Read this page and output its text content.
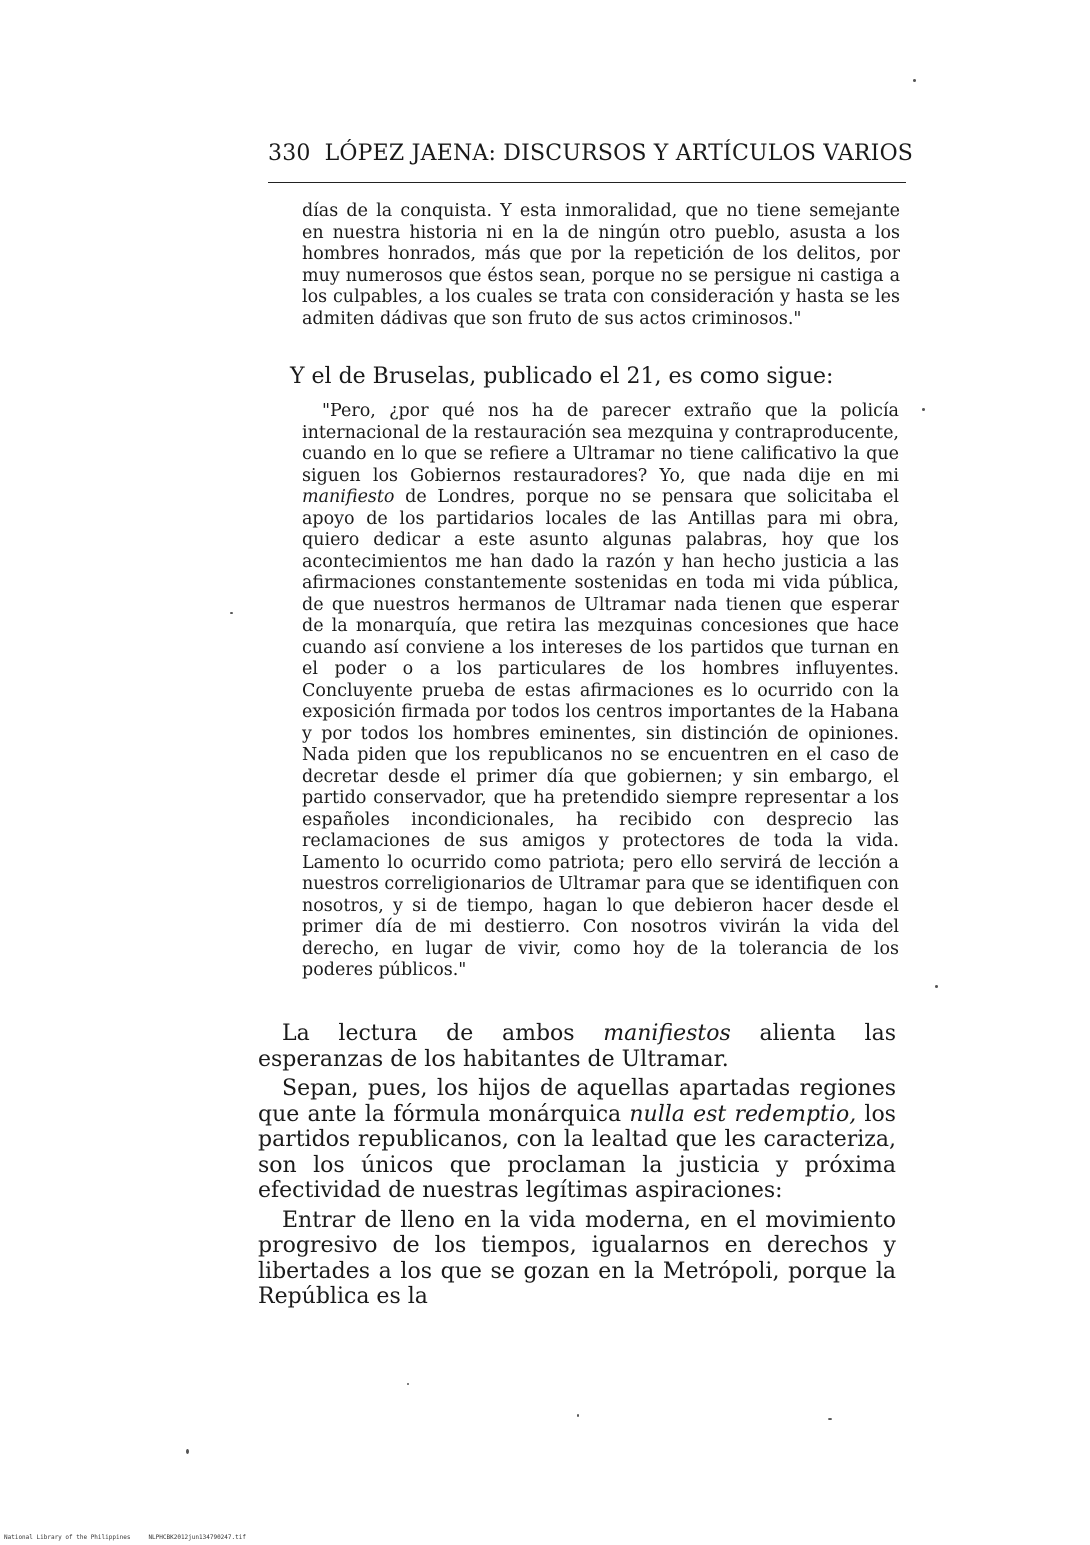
330 LÓPEZ JAENA: DISCURSOS Y ARTÍCULOS VARIOS

días de la conquista. Y esta inmoralidad, que no tiene semejante en nuestra historia ni en la de ningún otro pueblo, asusta a los hombres honrados, más que por la repetición de los delitos, por muy numerosos que éstos sean, porque no se persigue ni castiga a los culpables, a los cuales se trata con consideración y hasta se les admiten dádivas que son fruto de sus actos criminosos."

Y el de Bruselas, publicado el 21, es como sigue:

"Pero, ¿por qué nos ha de parecer extraño que la policía internacional de la restauración sea mezquina y contraproducente, cuando en lo que se refiere a Ultramar no tiene calificativo la que siguen los Gobiernos restauradores? Yo, que nada dije en mi manifiesto de Londres, porque no se pensara que solicitaba el apoyo de los partidarios locales de las Antillas para mi obra, quiero dedicar a este asunto algunas palabras, hoy que los acontecimientos me han dado la razón y han hecho justicia a las afirmaciones constantemente sostenidas en toda mi vida pública, de que nuestros hermanos de Ultramar nada tienen que esperar de la monarquía, que retira las mezquinas concesiones que hace cuando así conviene a los intereses de los partidos que turnan en el poder o a los particulares de los hombres influyentes. Concluyente prueba de estas afirmaciones es lo ocurrido con la exposición firmada por todos los centros importantes de la Habana y por todos los hombres eminentes, sin distinción de opiniones. Nada piden que los republicanos no se encuentren en el caso de decretar desde el primer día que gobiernen; y sin embargo, el partido conservador, que ha pretendido siempre representar a los españoles incondicionales, ha recibido con desprecio las reclamaciones de sus amigos y protectores de toda la vida. Lamento lo ocurrido como patriota; pero ello servirá de lección a nuestros correligionarios de Ultramar para que se identifiquen con nosotros, y si de tiempo, hagan lo que debieron hacer desde el primer día de mi destierro. Con nosotros vivirán la vida del derecho, en lugar de vivir, como hoy de la tolerancia de los poderes públicos."

La lectura de ambos manifiestos alienta las esperanzas de los habitantes de Ultramar.

Sepan, pues, los hijos de aquellas apartadas regiones que ante la fórmula monárquica nulla est redemptio, los partidos republicanos, con la lealtad que les caracteriza, son los únicos que proclaman la justicia y próxima efectividad de nuestras legítimas aspiraciones:

Entrar de lleno en la vida moderna, en el movimiento progresivo de los tiempos, igualarnos en derechos y libertades a los que se gozan en la Metrópoli, porque la República es la

National Library of the Philippines	NLPHCBK2012jun134790247.tif
